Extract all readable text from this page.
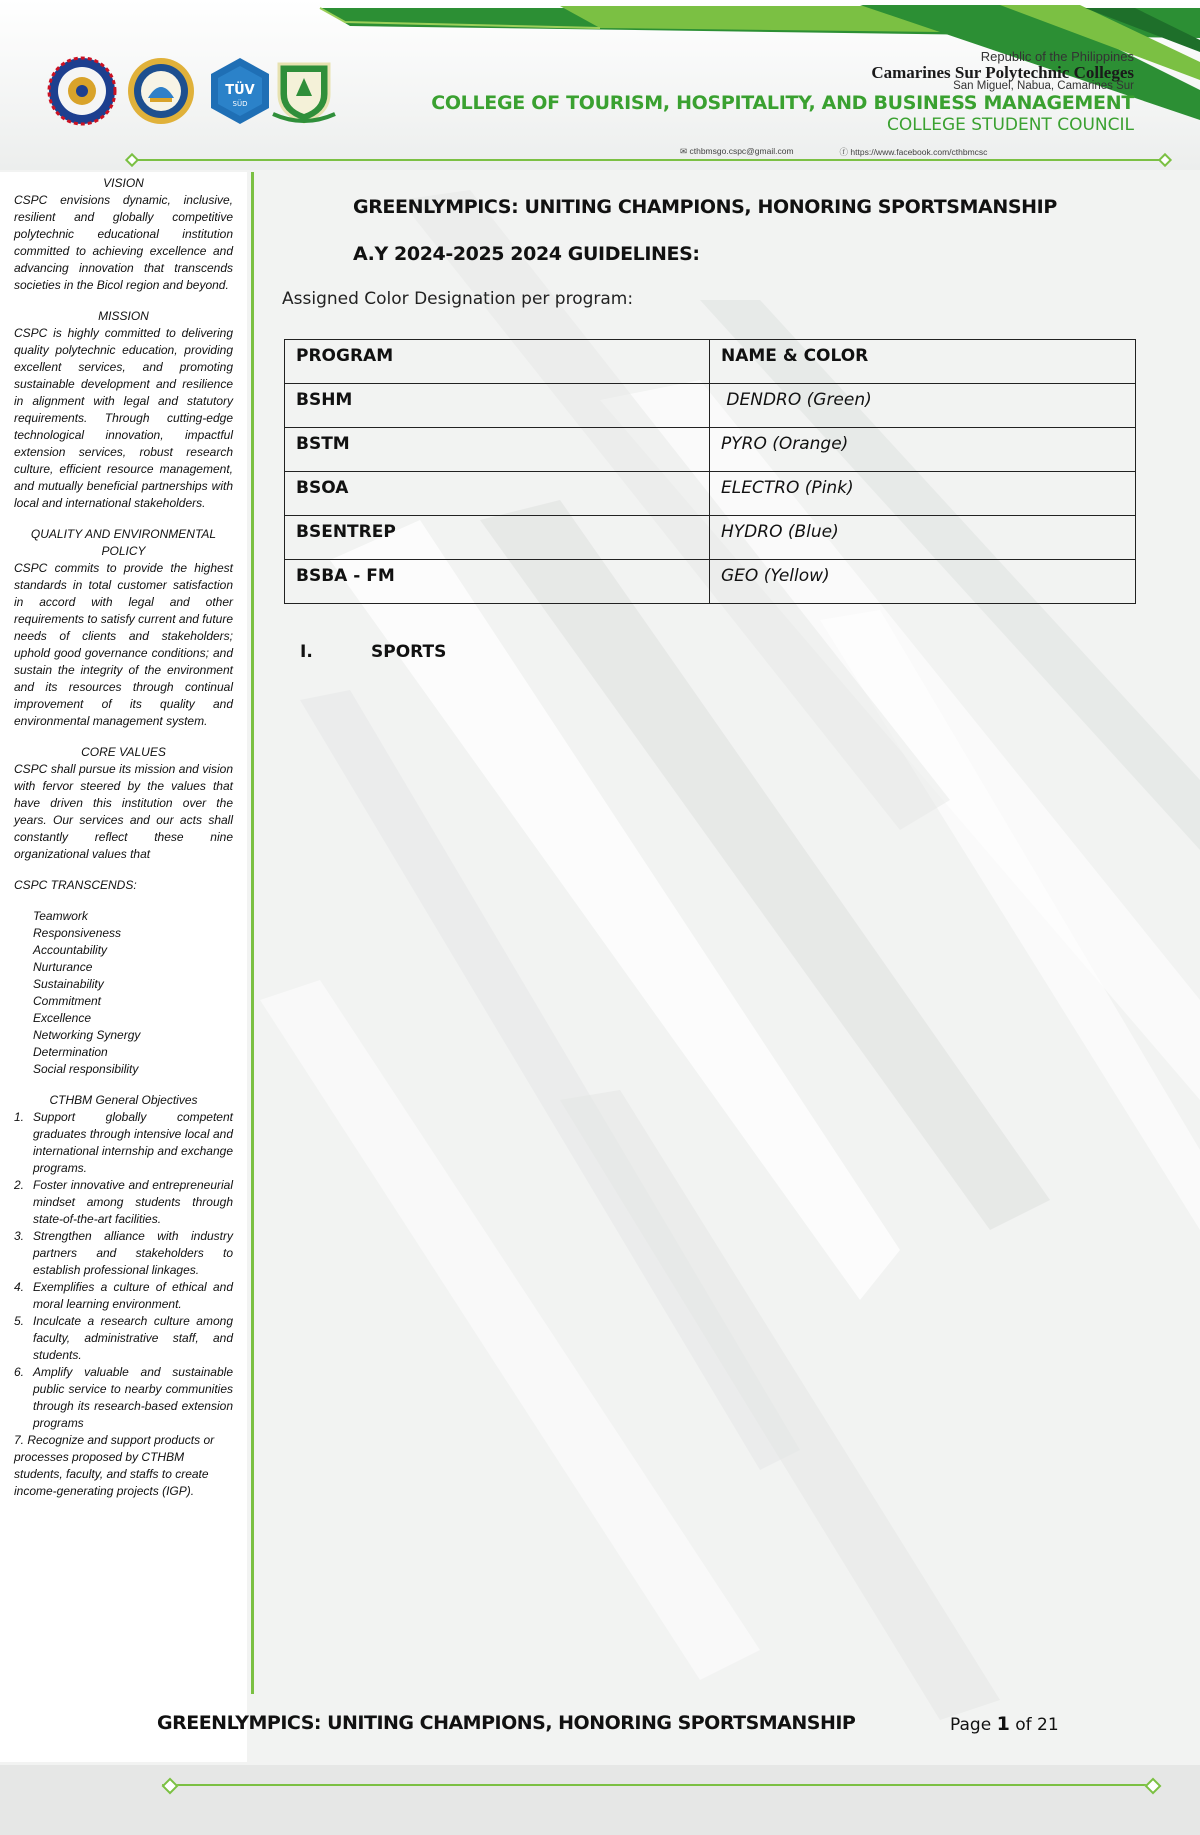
TÜV
SÜD
Republic of the Philippines
Camarines Sur Polytechnic Colleges
San Miguel, Nabua, Camarines Sur
COLLEGE OF TOURISM, HOSPITALITY, AND BUSINESS MANAGEMENT
COLLEGE STUDENT COUNCIL
✉ cthbmsgo.cspc@gmail.com	ⓕ https://www.facebook.com/cthbmcsc

VISION

CSPC envisions dynamic, inclusive, resilient and globally competitive polytechnic educational institution committed to achieving excellence and advancing innovation that transcends societies in the Bicol region and beyond.

MISSION

CSPC is highly committed to delivering quality polytechnic education, providing excellent services, and promoting sustainable development and resilience in alignment with legal and statutory requirements. Through cutting-edge technological innovation, impactful extension services, robust research culture, efficient resource management, and mutually beneficial partnerships with local and international stakeholders.

QUALITY AND ENVIRONMENTAL POLICY

CSPC commits to provide the highest standards in total customer satisfaction in accord with legal and other requirements to satisfy current and future needs of clients and stakeholders; uphold good governance conditions; and sustain the integrity of the environment and its resources through continual improvement of its quality and environmental management system.

CORE VALUES

CSPC shall pursue its mission and vision with fervor steered by the values that have driven this institution over the years. Our services and our acts shall constantly reflect these nine organizational values that

CSPC TRANSCENDS:

Teamwork
Responsiveness
Accountability
Nurturance
Sustainability
Commitment
Excellence
Networking Synergy
Determination
Social responsibility

CTHBM General Objectives

1. Support globally competent graduates through intensive local and international internship and exchange programs.
2. Foster innovative and entrepreneurial mindset among students through state-of-the-art facilities.
3. Strengthen alliance with industry partners and stakeholders to establish professional linkages.
4. Exemplifies a culture of ethical and moral learning environment.
5. Inculcate a research culture among faculty, administrative staff, and students.
6. Amplify valuable and sustainable public service to nearby communities through its research-based extension programs

7. Recognize and support products or processes proposed by CTHBM students, faculty, and staffs to create income-generating projects (IGP).

GREENLYMPICS: UNITING CHAMPIONS, HONORING SPORTSMANSHIP
A.Y 2024-2025 2024 GUIDELINES:
Assigned Color Designation per program:
PROGRAM	NAME & COLOR
BSHM	DENDRO (Green)
BSTM	PYRO (Orange)
BSOA	ELECTRO (Pink)
BSENTREP	HYDRO (Blue)
BSBA - FM	GEO (Yellow)
I.	SPORTS
GREENLYMPICS: UNITING CHAMPIONS, HONORING SPORTSMANSHIP	Page 1 of 21
